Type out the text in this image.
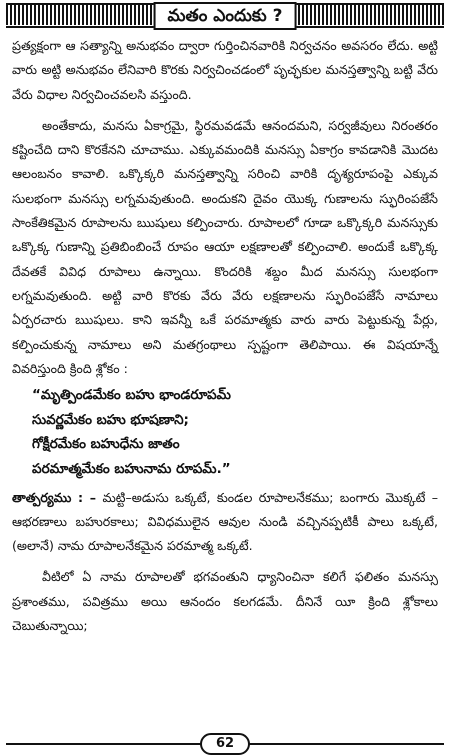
మతం ఎందుకు ?

ప్రత్యక్షంగా ఆ సత్యాన్ని అనుభవం ద్వారా గుర్తించినవారికి నిర్వచనం అవసరం లేదు. అట్టి వారు అట్టి అనుభవం లేనివారి కొరకు నిర్వచించడంలో పృచ్ఛకుల మనస్తత్వాన్ని బట్టి వేరు వేరు విధాల నిర్వచించవలసి వస్తుంది.

అంతేకాదు, మనసు ఏకాగ్రమై, స్థిరమవడమే ఆనందమని, సర్వజీవులు నిరంతరం కష్టించేది దాని కొరకేనని చూచాము. ఎక్కువమందికి మనస్సు ఏకాగ్రం కావడానికి మొదట ఆలంబనం కావాలి. ఒక్కొక్కరి మనస్తత్వాన్ని సరించి వారికి దృశ్యరూపంపై ఎక్కువ సులభంగా మనస్సు లగ్నమవుతుంది. అందుకని దైవం యొక్క గుణాలను స్ఫురింపజేసే సాంకేతికమైన రూపాలను ఋషులు కల్పించారు. రూపాలలో గూడా ఒక్కొక్కరి మనస్సుకు ఒక్కొక్క గుణాన్ని ప్రతిబింబించే రూపం ఆయా లక్షణాలతో కల్పించాలి. అందుకే ఒక్కొక్క దేవతకే వివిధ రూపాలు ఉన్నాయి. కొందరికి శబ్దం మీద మనస్సు సులభంగా లగ్నమవుతుంది. అట్టి వారి కొరకు వేరు వేరు లక్షణాలను స్ఫురింపజేసే నామాలు ఏర్పరచారు ఋషులు. కాని ఇవన్నీ ఒకే పరమాత్మకు వారు వారు పెట్టుకున్న పేర్లు, కల్పించుకున్న నామాలు అని మతగ్రంథాలు స్పష్టంగా తెలిపాయి. ఈ విషయాన్నే వివరిస్తుంది క్రింది శ్లోకం :

“మృత్పిండమేకం బహు భాండరూపమ్
సువర్ణమేకం బహు భూషణాని;
గోక్షీరమేకం బహుధేను జాతం
పరమాత్మమేకం బహునామ రూపమ్.”

తాత్పర్యము : – మట్టి–అడుసు ఒక్కటే, కుండల రూపాలనేకము; బంగారు మొక్కటే – ఆభరణాలు బహురకాలు; వివిధములైన ఆవుల నుండి వచ్చినప్పటికీ పాలు ఒక్కటే, (అలానే) నామ రూపాలనేకమైన పరమాత్మ ఒక్కటే.

వీటిలో ఏ నామ రూపాలతో భగవంతుని ధ్యానించినా కలిగే ఫలితం మనస్సు ప్రశాంతము, పవిత్రము అయి ఆనందం కలగడమే. దీనినే యీ క్రింది శ్లోకాలు చెబుతున్నాయి;

62
